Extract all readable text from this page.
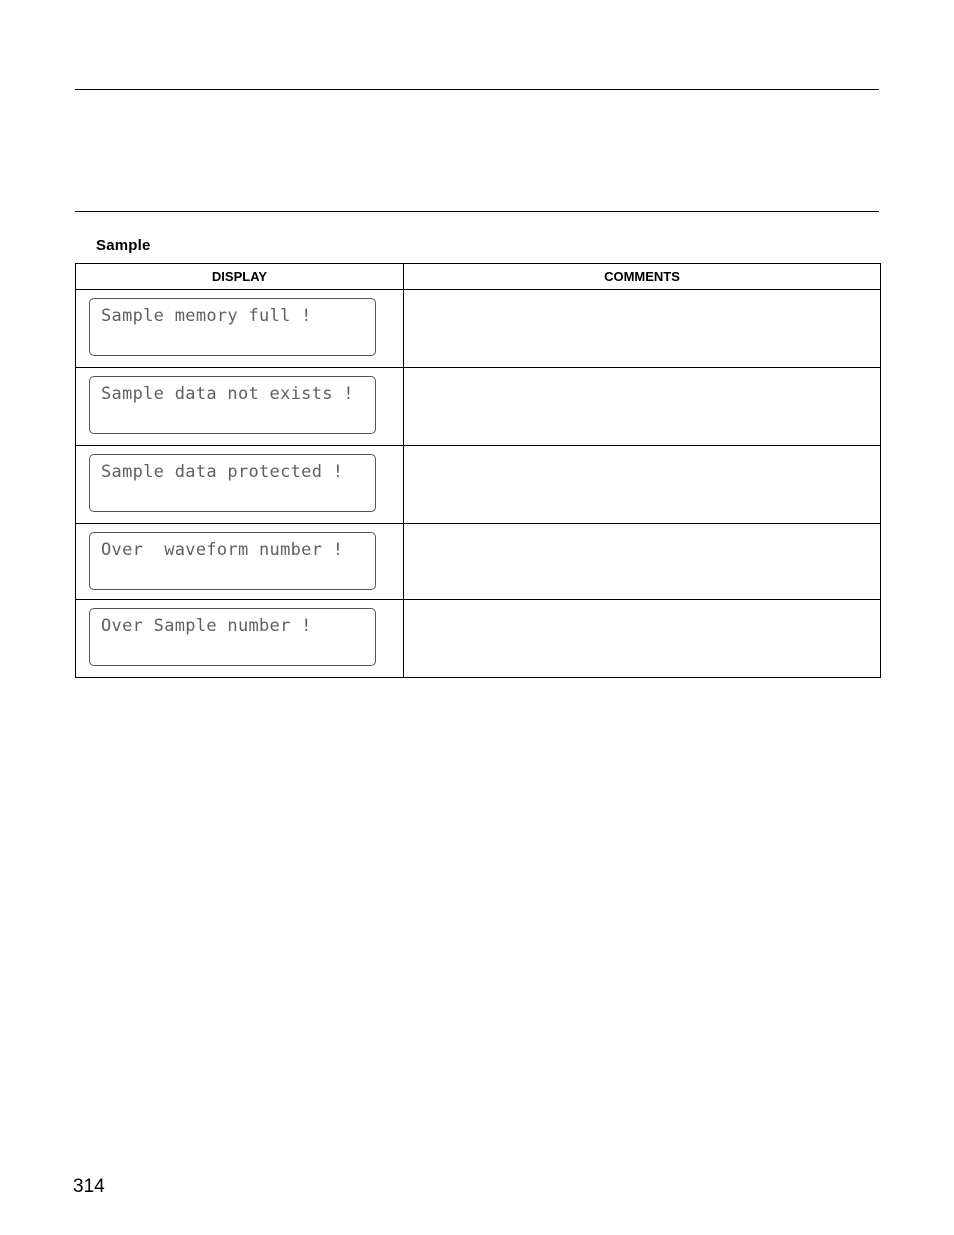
Sample
DISPLAY	COMMENTS

Sample memory full !	

Sample data not exists !	

Sample data protected !	

Over  waveform number !	

Over Sample number !	

314
